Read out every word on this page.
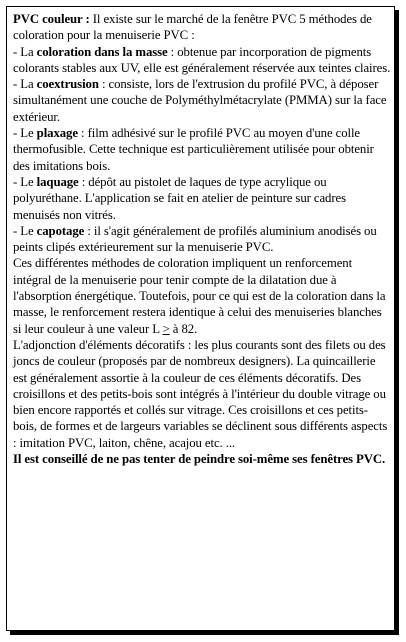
PVC couleur : Il existe sur le marché de la fenêtre PVC 5 méthodes de coloration pour la menuiserie PVC :

- La coloration dans la masse : obtenue par incorporation de pigments colorants stables aux UV, elle est généralement réservée aux teintes claires.

- La coextrusion : consiste, lors de l'extrusion du profilé PVC, à déposer simultanément une couche de Polyméthylmétacrylate (PMMA) sur la face extérieur.

- Le plaxage : film adhésivé sur le profilé PVC au moyen d'une colle thermofusible. Cette technique est particulièrement utilisée pour obtenir des imitations bois.

- Le laquage : dépôt au pistolet de laques de type acrylique ou polyuréthane. L'application se fait en atelier de peinture sur cadres menuisés non vitrés.

- Le capotage : il s'agit généralement de profilés aluminium anodisés ou peints clipés extérieurement sur la menuiserie PVC.

Ces différentes méthodes de coloration impliquent un renforcement intégral de la menuiserie pour tenir compte de la dilatation due à l'absorption énergétique. Toutefois, pour ce qui est de la coloration dans la masse, le renforcement restera identique à celui des menuiseries blanches si leur couleur à une valeur L ≥ à 82.

L'adjonction d'éléments décoratifs : les plus courants sont des filets ou des joncs de couleur (proposés par de nombreux designers). La quincaillerie est généralement assortie à la couleur de ces éléments décoratifs. Des croisillons et des petits-bois sont intégrés à l'intérieur du double vitrage ou bien encore rapportés et collés sur vitrage. Ces croisillons et ces petits-bois, de formes et de largeurs variables se déclinent sous différents aspects : imitation PVC, laiton, chêne, acajou etc. ...

Il est conseillé de ne pas tenter de peindre soi-même ses fenêtres PVC.
